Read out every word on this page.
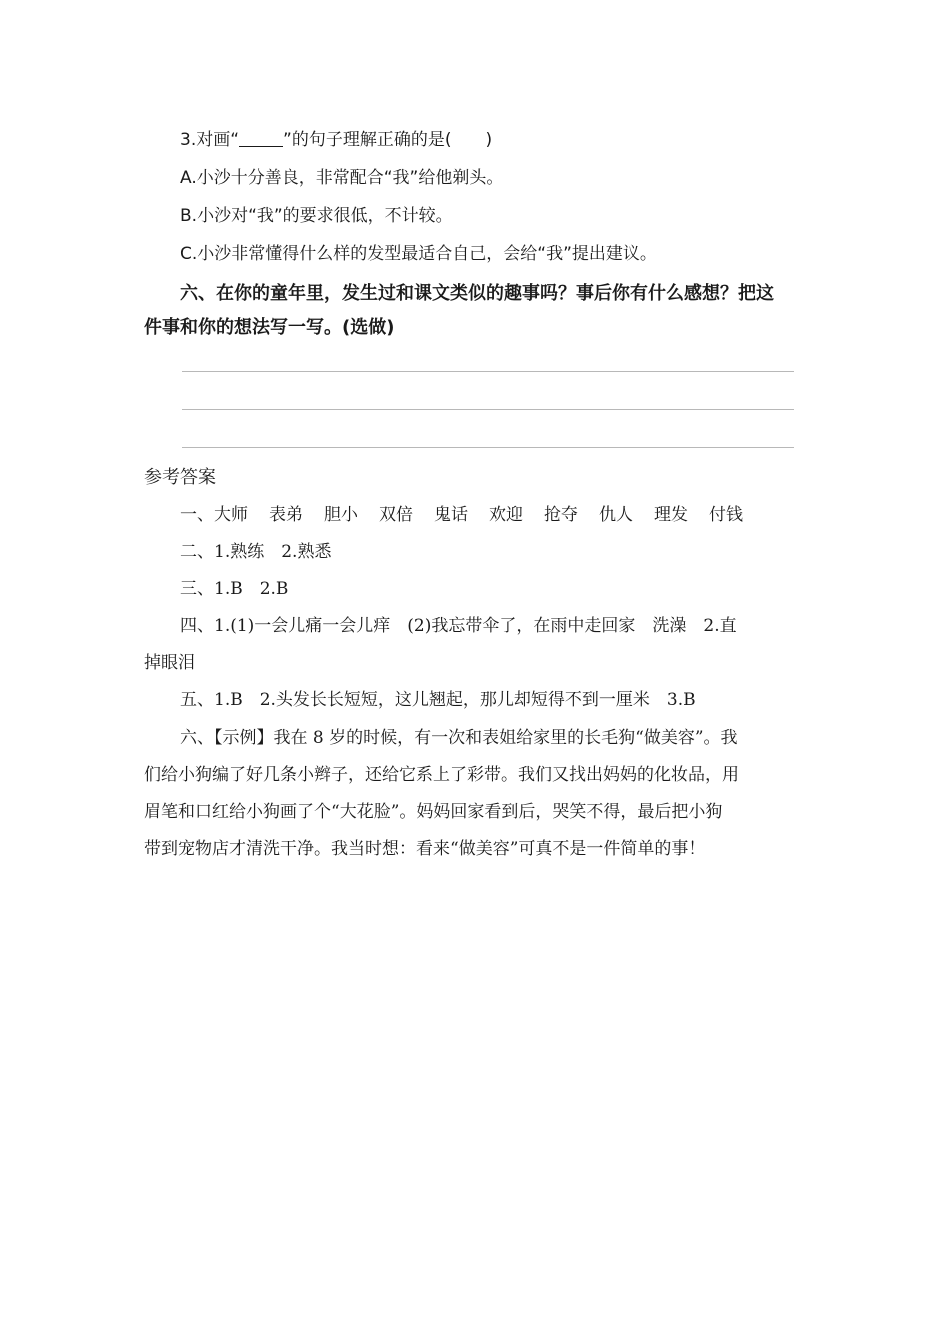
3.对画“	”的句子理解正确的是(　　)
A.小沙十分善良，非常配合“我”给他剃头。
B.小沙对“我”的要求很低，不计较。
C.小沙非常懂得什么样的发型最适合自己，会给“我”提出建议。
六、在你的童年里，发生过和课文类似的趣事吗？事后你有什么感想？把这
件事和你的想法写一写。(选做)
参考答案
一、大师 表弟 胆小 双倍 鬼话 欢迎 抢夺 仇人 理发 付钱
二、1.熟练　2.熟悉
三、1.B　2.B
四、1.(1)一会儿痛一会儿痒　(2)我忘带伞了，在雨中走回家　洗澡　2.直
掉眼泪
五、1.B　2.头发长长短短，这儿翘起，那儿却短得不到一厘米　3.B
六、【示例】我在 8 岁的时候，有一次和表姐给家里的长毛狗“做美容”。我
们给小狗编了好几条小辫子，还给它系上了彩带。我们又找出妈妈的化妆品，用
眉笔和口红给小狗画了个“大花脸”。妈妈回家看到后，哭笑不得，最后把小狗
带到宠物店才清洗干净。我当时想：看来“做美容”可真不是一件简单的事！
